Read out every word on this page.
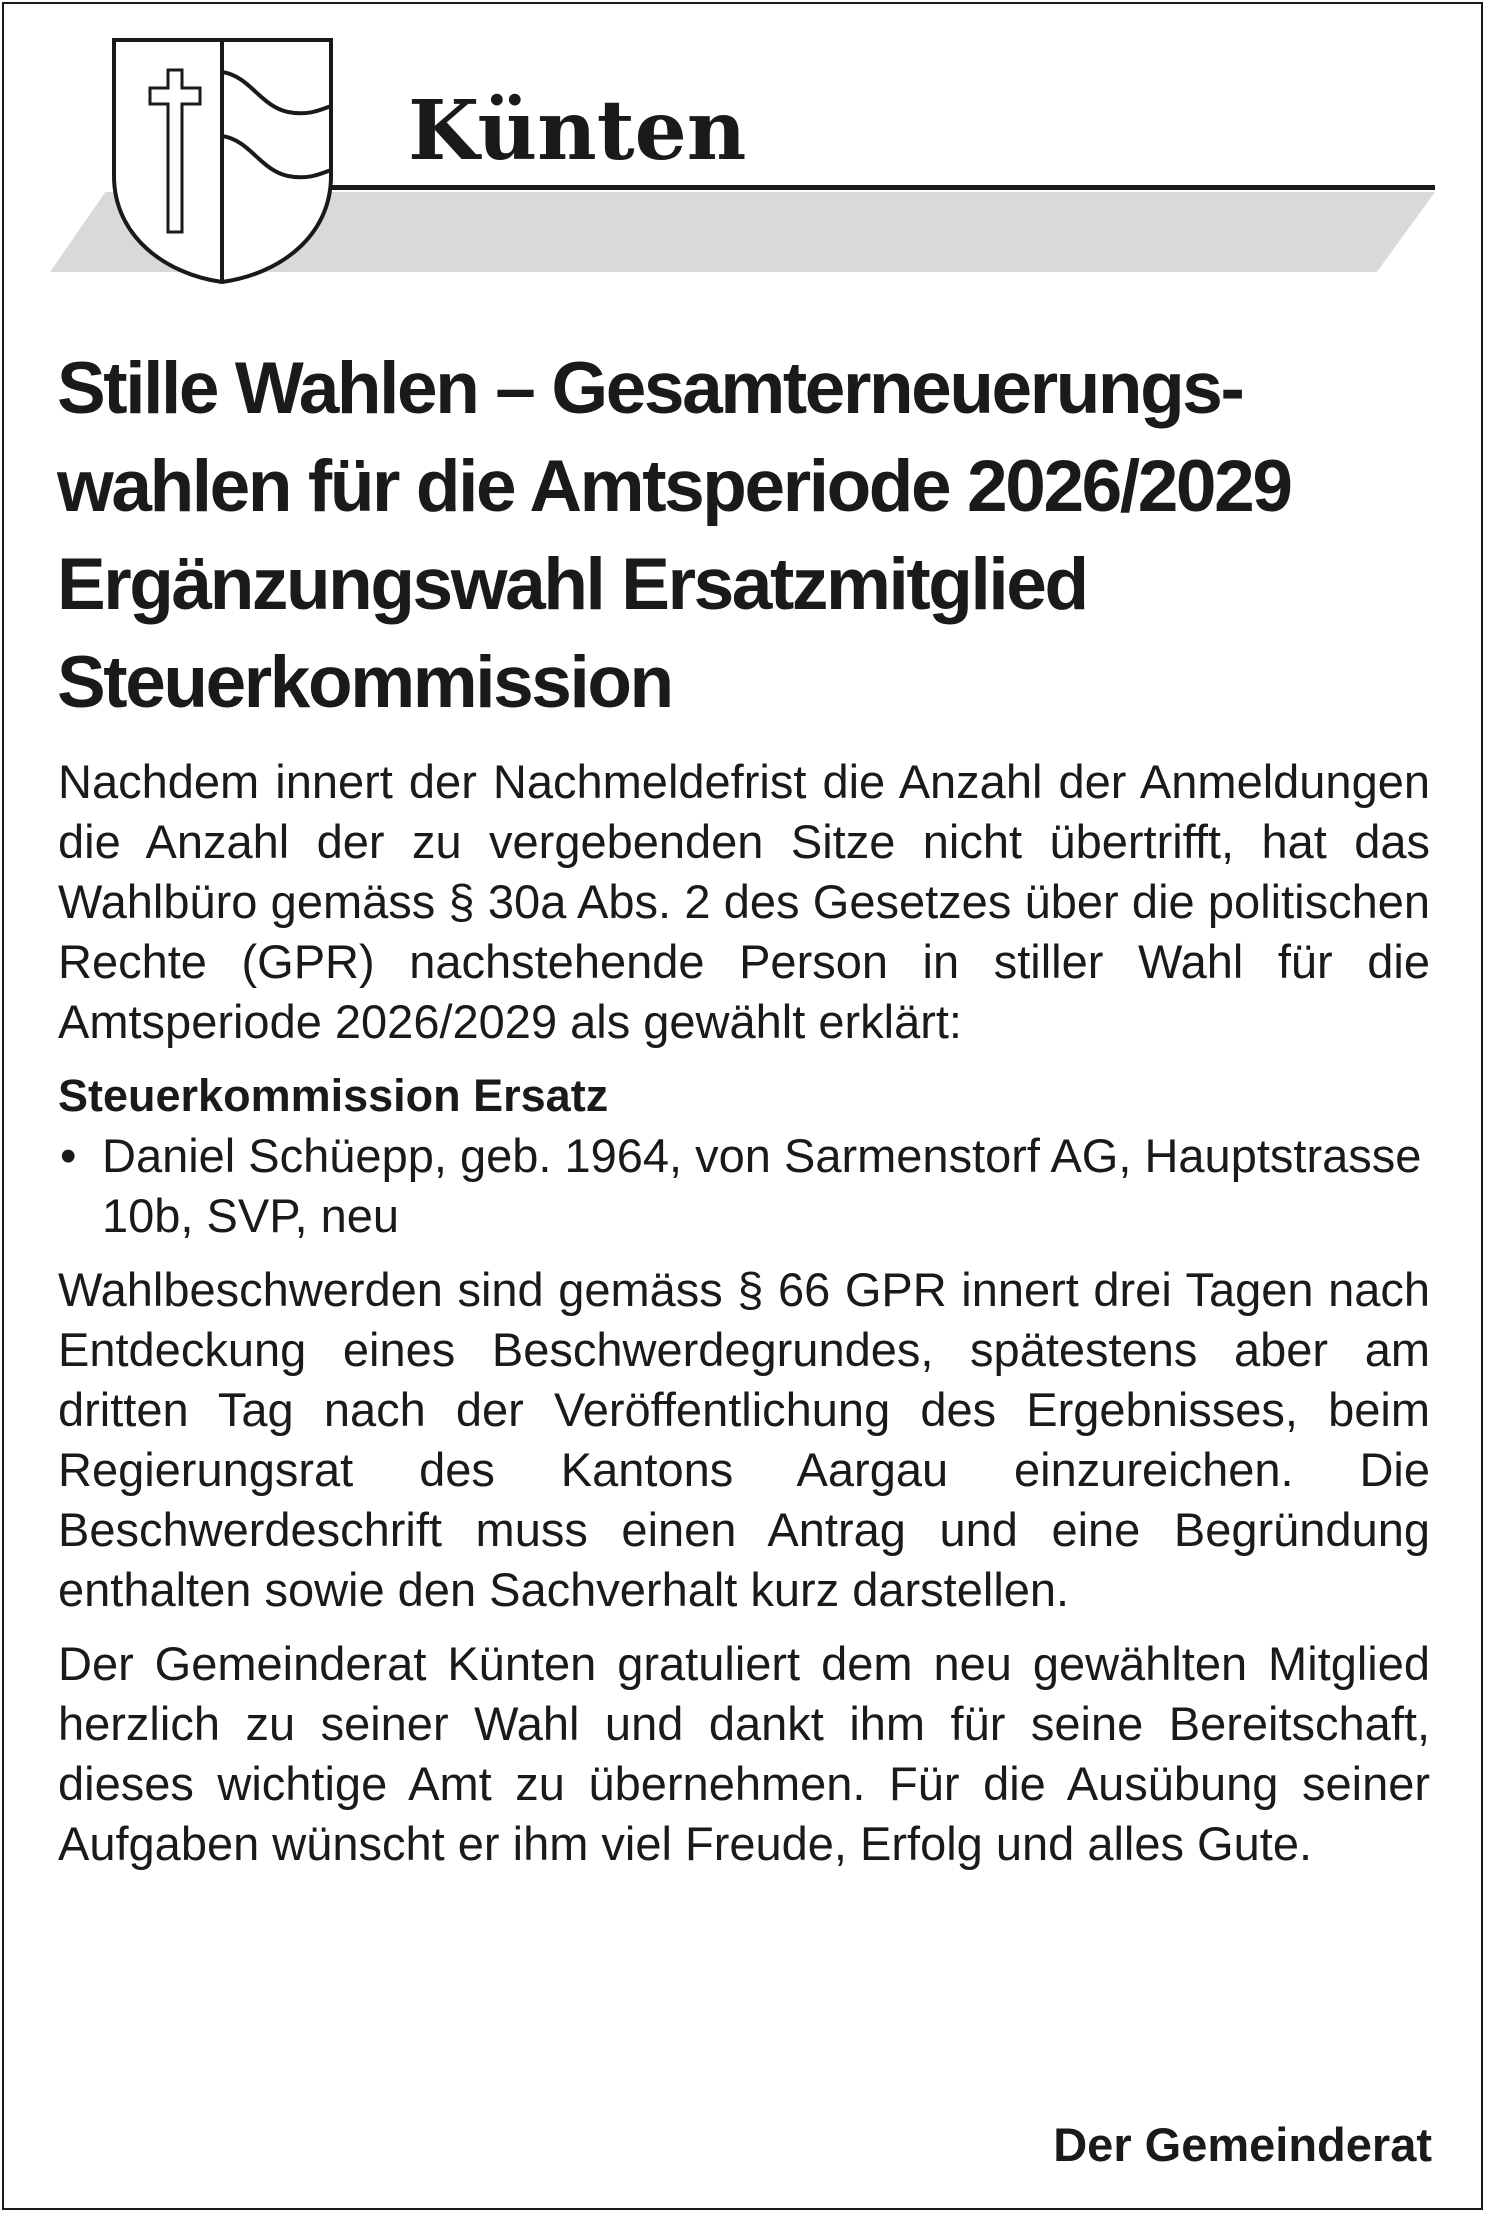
Künten
Stille Wahlen – Gesamterneuerungs-
wahlen für die Amtsperiode 2026/2029
Ergänzungswahl Ersatzmitglied
Steuerkommission

Nachdem innert der Nachmeldefrist die Anzahl der Anmeldungen die Anzahl der zu vergebenden Sitze nicht übertrifft, hat das Wahlbüro gemäss § 30a Abs. 2 des Gesetzes über die politischen Rechte (GPR) nachstehende Person in stiller Wahl für die Amtsperiode 2026/2029 als gewählt erklärt:

Steuerkommission Ersatz
• Daniel Schüepp, geb. 1964, von Sarmenstorf AG, Hauptstrasse 10b, SVP, neu

Wahlbeschwerden sind gemäss § 66 GPR innert drei Tagen nach Entdeckung eines Beschwerdegrundes, spätestens aber am dritten Tag nach der Veröffentlichung des Ergebnisses, beim Regierungsrat des Kantons Aargau einzureichen. Die Beschwerdeschrift muss einen Antrag und eine Begründung enthalten sowie den Sachverhalt kurz darstellen.

Der Gemeinderat Künten gratuliert dem neu gewählten Mitglied herzlich zu seiner Wahl und dankt ihm für seine Bereitschaft, dieses wichtige Amt zu übernehmen. Für die Ausübung seiner Aufgaben wünscht er ihm viel Freude, Erfolg und alles Gute.

Der Gemeinderat
